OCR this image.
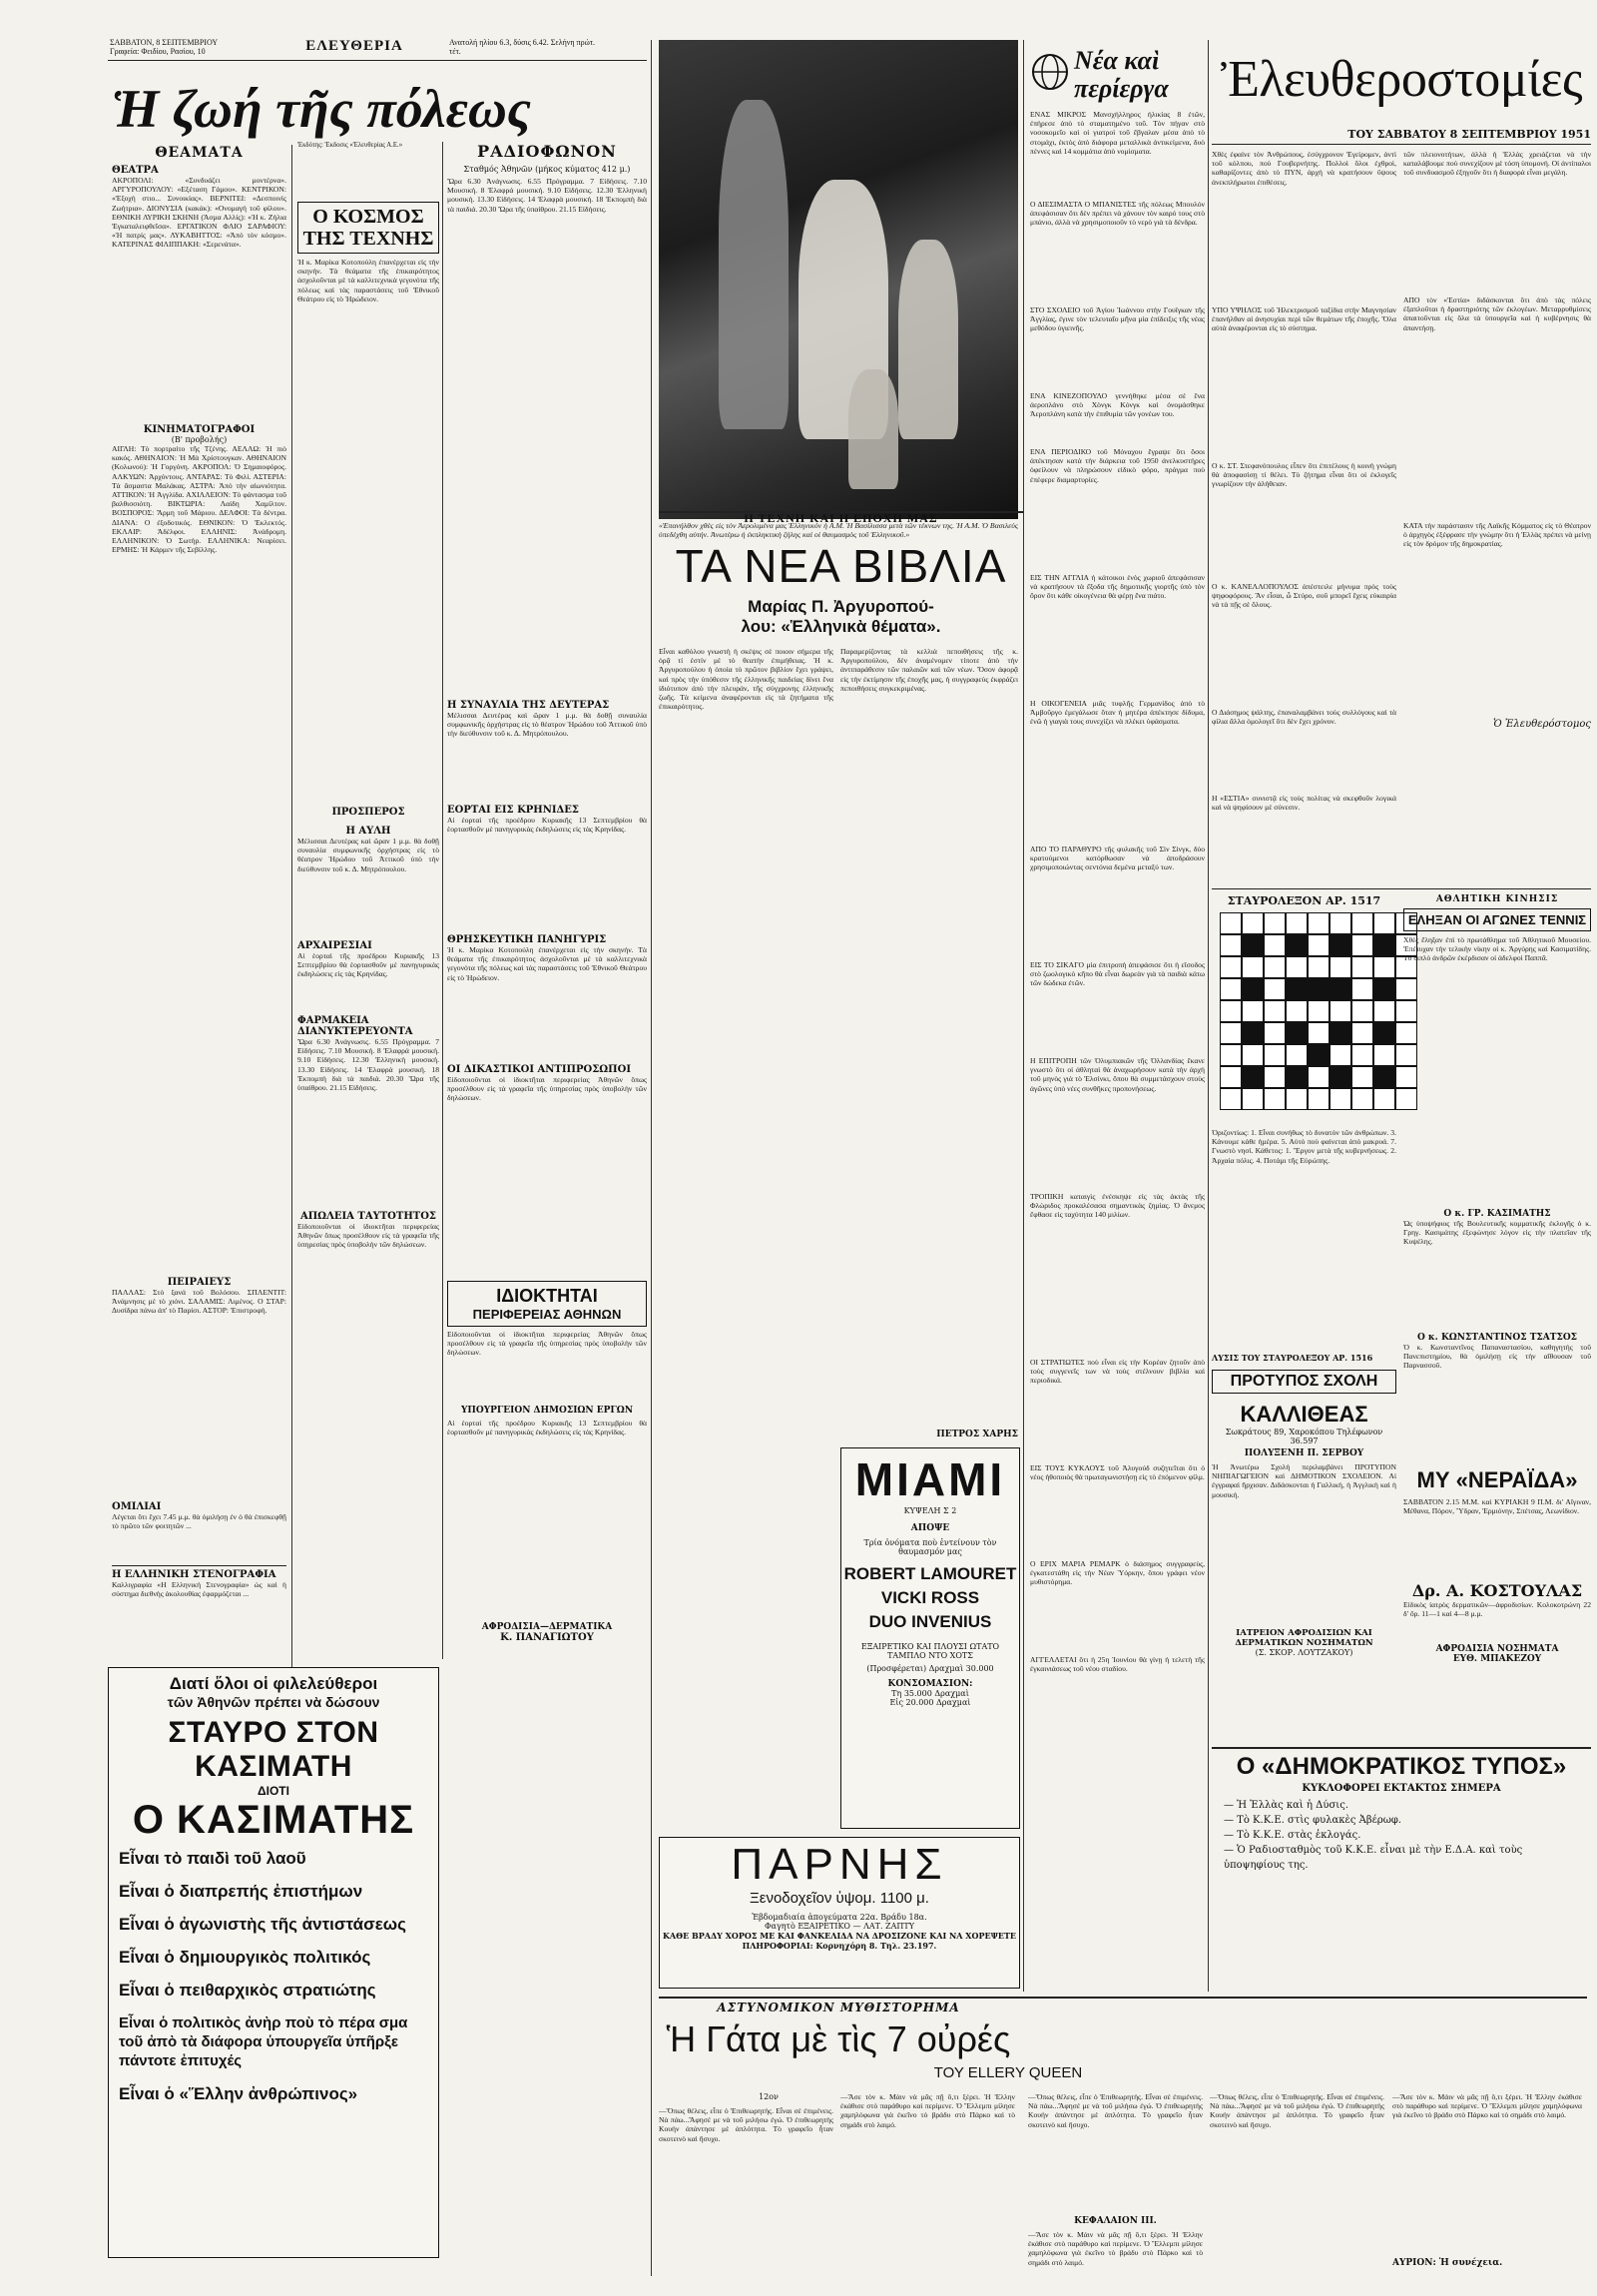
ΣΑΒΒΑΤΟΝ, 8 ΣΕΠΤΕΜΒΡΙΟΥ
Γραφεία: Φειδίου, Ρασίου, 10	ΕΛΕΥΘΕΡΙΑ	Ανατολή ηλίου 6.3, δύσις 6.42. Σελήνη πρώτ. τέτ.
Ἡ ζωή τῆς πόλεως
ΘΕΑΜΑΤΑ
ΘΕΑΤΡΑ
ΑΚΡΟΠΟΛΙ: «Συνδυάζει μοντέρνα». ΑΡΓΥΡΟΠΟΥΛΟΥ: «Εξέταση Γάμου». ΚΕΝΤΡΙΚΟΝ: «Ἐξοχή στιο... Συνοικίας». ΒΕΡΝΙΤΕΙ: «Δεσποινίς Ζωήτρια». ΔΙΟΝΥΣΙΑ (κακάκ): «Ονομαγή τοῦ φίλου». ΕΘΝΙΚΗ ΛΥΡΙΚΗ ΣΚΗΝΗ (Άσμα Αλλίς): «Ἡ κ. Ζήλια Ἐγκαταλειφθεῖσα». ΕΡΓΑΤΙΚΟΝ ΦΛΙΟ ΣΑΡΑΦΙΟΥ: «Ἡ πατρίς μας». ΛΥΚΑΒΗΤΤΟΣ: «Ἀπό τὸν κόσμο». ΚΑΤΕΡΙΝΑΣ ΦΙΛΙΠΠΑΚΗ: «Σερενάτα».
ΚΙΝΗΜΑΤΟΓΡΑΦΟΙ
(Β' προβολής)
ΑΙΓΛΗ: Τὸ πορτραίτο τῆς Τζένης. ΑΕΛΛΩ: Ἡ πιὸ κακός. ΑΘΗΝΑΙΟΝ: Ἡ Μὰ Χρίστουγκαν. ΑΘΗΝΑΙΟΝ (Κολωνού): Ἡ Γοργόνη. ΑΚΡΟΠΟΛ: Ὁ Σημαιοφόρος. ΑΛΚΥΩΝ: Ἀρχόντους. ΑΝΤΑΡΑΣ: Τὸ Φιλί. ΑΣΤΕΡΙΑ: Τὰ ἄσμαστα Μαλάκας. ΑΣΤΡΑ: Ἀπό τὴν αἰωνιότητα. ΑΤΤΙΚΟΝ: Ἡ Ἀγγλίδα. ΑΧΙΛΛΕΙΟΝ: Τὸ φάντασμα τοῦ βαλθισσιότη. ΒΙΚΤΩΡΙΑ: Λαίδη Χαμίλτον. ΒΟΣΠΟΡΟΣ: Ἄρμη τοῦ Μάριου. ΔΕΛΦΟΙ: Τὰ δέντρα. ΔΙΑΝΑ: Ο ἐξοδοτικός. ΕΘΝΙΚΟΝ: Ὁ Ἐκλεκτός. ΕΚΛΑΙΡ: Ἀδέλφοι. ΕΛΛΗΝΙΣ: Ἀνάδρομη. ΕΛΛΗΝΙΚΟΝ: Ὁ Σωτήρ. ΕΛΛΗΝΙΚΑ: Νεαρίσει. ΕΡΜΗΣ: Ἡ Κάρμεν τῆς Σεβίλλης.
ΠΕΙΡΑΙΕΥΣ
ΠΑΛΛΑΣ: Στὸ ξανά τοῦ Βολόσου. ΣΠΛΕΝΤΙΤ: Ἀνάμνησις μὲ τὸ χιόνι. ΣΑΛΑΜΙΣ: Λιμένος. Ο ΣΤΑΡ: Δυσίδρα πάνω ἀπ' τὸ Παρίσι. ΑΣΤΟΡ: Ἐπιστροφή.
ΟΜΙΛΙΑΙ
Λέγεται ὅτι ἔχει 7.45 μ.μ. θὰ ὁμιλήσῃ ἐν ὁ θὰ ἐπισκεφθῇ τὸ πρῶτο τῶν φοιτητῶν ...
Η ΕΛΛΗΝΙΚΗ ΣΤΕΝΟΓΡΑΦΙΑ
Καλλιγραφία «Η Ελληνική Στενογραφία» ὡς καὶ ἡ σύστημα διεθνὴς ἀκολουθίας ἐφαρμόζεται ...
Διατί ὅλοι οἱ φιλελεύθεροι
τῶν Ἀθηνῶν πρέπει νὰ δώσουν
ΣΤΑΥΡΟ ΣΤΟΝ ΚΑΣΙΜΑΤΗ
ΔΙΟΤΙ
Ο ΚΑΣΙΜΑΤΗΣ
Εἶναι τὸ παιδὶ τοῦ λαοῦ
Εἶναι ὁ διαπρεπής ἐπιστήμων
Εἶναι ὁ ἀγωνιστὴς τῆς ἀντιστάσεως
Εἶναι ὁ δημιουργικὸς πολιτικός
Εἶναι ὁ πειθαρχικὸς στρατιώτης
Εἶναι ὁ πολιτικὸς ἀνὴρ ποὺ τὸ πέρα σμα τοῦ ἀπὸ τὰ διάφορα ὑπουργεῖα ὑπῆρξε πάντοτε ἐπιτυχές
Εἶναι ὁ «Ἕλλην ἀνθρώπινος»
Ἐκδότης: Ἐκδοσις «Ἐλευθερίας Α.Ε.»
Ο ΚΟΣΜΟΣ ΤΗΣ ΤΕΧΝΗΣ
Ἡ κ. Μαρίκα Κοτοπούλη ἐπανέρχεται εἰς τὴν σκηνήν. Τὰ θεάματα τῆς ἐπικαιρότητος ἀσχολοῦνται μὲ τὰ καλλιτεχνικὰ γεγονότα τῆς πόλεως καὶ τὰς παραστάσεις τοῦ Ἐθνικοῦ Θεάτρου εἰς τὸ Ἡρώδειον.
ΠΡΟΣΠΕΡΟΣ
Η ΑΥΛΗ
Μέλισσαι Δευτέρας καὶ ὥραν 1 μ.μ. θὰ δοθῇ συναυλία συμφωνικῆς ὀρχήστρας εἰς τὸ θέατρον Ἡρώδου τοῦ Ἀττικοῦ ὑπὸ τὴν διεύθυνσιν τοῦ κ. Δ. Μητρόπουλου.
ΑΡΧΑΙΡΕΣΙΑΙ
Αἱ ἑορταὶ τῆς προέδρου Κυριακῆς 13 Σεπτεμβρίου θὰ ἑορτασθοῦν μὲ πανηγυρικὰς ἐκδηλώσεις εἰς τὰς Κρηνίδας.
ΦΑΡΜΑΚΕΙΑ ΔΙΑΝΥΚΤΕΡΕΥΟΝΤΑ
Ὥρα 6.30 Ἀνάγνωσις. 6.55 Πρόγραμμα. 7 Εἰδήσεις. 7.10 Μουσική. 8 Ἐλαφρά μουσική. 9.10 Εἰδήσεις. 12.30 Ἑλληνικὴ μουσική. 13.30 Εἰδήσεις. 14 Ἐλαφρὰ μουσική. 18 Ἐκπομπὴ διὰ τὰ παιδιά. 20.30 Ὥρα τῆς ὑπαίθρου. 21.15 Εἰδήσεις.
ΑΠΩΛΕΙΑ ΤΑΥΤΟΤΗΤΟΣ
Εἰδοποιοῦνται οἱ ἰδιοκτῆται περιφερείας Ἀθηνῶν ὅπως προσέλθουν εἰς τὰ γραφεῖα τῆς ὑπηρεσίας πρὸς ὑποβολὴν τῶν δηλώσεων.
ΡΑΔΙΟΦΩΝΟΝ
Σταθμός Ἀθηνῶν (μήκος κύματος 412 μ.)
Ὥρα 6.30 Ἀνάγνωσις. 6.55 Πρόγραμμα. 7 Εἰδήσεις. 7.10 Μουσική. 8 Ἐλαφρά μουσική. 9.10 Εἰδήσεις. 12.30 Ἑλληνικὴ μουσική. 13.30 Εἰδήσεις. 14 Ἐλαφρὰ μουσική. 18 Ἐκπομπὴ διὰ τὰ παιδιά. 20.30 Ὥρα τῆς ὑπαίθρου. 21.15 Εἰδήσεις.
Η ΣΥΝΑΥΛΙΑ ΤΗΣ ΔΕΥΤΕΡΑΣ
Μέλισσαι Δευτέρας καὶ ὥραν 1 μ.μ. θὰ δοθῇ συναυλία συμφωνικῆς ὀρχήστρας εἰς τὸ θέατρον Ἡρώδου τοῦ Ἀττικοῦ ὑπὸ τὴν διεύθυνσιν τοῦ κ. Δ. Μητρόπουλου.
ΕΟΡΤΑΙ ΕΙΣ ΚΡΗΝΙΔΕΣ
Αἱ ἑορταὶ τῆς προέδρου Κυριακῆς 13 Σεπτεμβρίου θὰ ἑορτασθοῦν μὲ πανηγυρικὰς ἐκδηλώσεις εἰς τὰς Κρηνίδας.
ΘΡΗΣΚΕΥΤΙΚΗ ΠΑΝΗΓΥΡΙΣ
Ἡ κ. Μαρίκα Κοτοπούλη ἐπανέρχεται εἰς τὴν σκηνήν. Τὰ θεάματα τῆς ἐπικαιρότητος ἀσχολοῦνται μὲ τὰ καλλιτεχνικὰ γεγονότα τῆς πόλεως καὶ τὰς παραστάσεις τοῦ Ἐθνικοῦ Θεάτρου εἰς τὸ Ἡρώδειον.
ΟΙ ΔΙΚΑΣΤΙΚΟΙ ΑΝΤΙΠΡΟΣΩΠΟΙ
Εἰδοποιοῦνται οἱ ἰδιοκτῆται περιφερείας Ἀθηνῶν ὅπως προσέλθουν εἰς τὰ γραφεῖα τῆς ὑπηρεσίας πρὸς ὑποβολὴν τῶν δηλώσεων.
ΙΔΙΟΚΤΗΤΑΙ
ΠΕΡΙΦΕΡΕΙΑΣ ΑΘΗΝΩΝ
Εἰδοποιοῦνται οἱ ἰδιοκτῆται περιφερείας Ἀθηνῶν ὅπως προσέλθουν εἰς τὰ γραφεῖα τῆς ὑπηρεσίας πρὸς ὑποβολὴν τῶν δηλώσεων.
ΥΠΟΥΡΓΕΙΟΝ ΔΗΜΟΣΙΩΝ ΕΡΓΩΝ
Αἱ ἑορταὶ τῆς προέδρου Κυριακῆς 13 Σεπτεμβρίου θὰ ἑορτασθοῦν μὲ πανηγυρικὰς ἐκδηλώσεις εἰς τὰς Κρηνίδας.
ΑΦΡΟΔΙΣΙΑ—ΔΕΡΜΑΤΙΚΑ
Κ. ΠΑΝΑΓΙΩΤΟΥ
«Ἐπανήλθον χθὲς εἰς τὸν Ἀερολιμένα μας Ἑλληνικόν ἡ Α.Μ. Ἡ Βασίλισσα μετὰ τῶν τέκνων της. Ἡ Α.Μ. Ὁ Βασιλεύς ὑπεδέχθη αὐτήν. Ἀνωτέρω ἡ ἐκπληκτικὴ ζήλης καὶ οἱ θαυμασμὸς τοῦ Ἑλληνικοῦ.»
Η ΤΕΧΝΗ ΚΑΙ Η ΕΠΟΧΗ ΜΑΣ
ΤΑ ΝΕΑ ΒΙΒΛΙΑ
Μαρίας Π. Ἀργυροπού-
λου: «Ἑλληνικὰ θέματα».
Εἶναι καθόλου γνωστὴ ἡ σκέψις σὲ ποιοιν σήμερα τῆς ὁρᾷ τί ἐστίν μὲ τὸ θεατὴν ἐπιμήθειας. Ἡ κ. Ἀργυροπούλου ἡ ὁποία τὸ πρῶτον βιβλίον ἔχει γράψει, καὶ πρὸς τὴν ὑπόθεσιν τῆς ἑλληνικῆς παιδείας δίνει ἓνα ἰδιότυπον ἀπὸ τὴν πλευράν, τῆς σύγχρονης ἑλληνικῆς ζωῆς. Τὰ κείμενα ἀναφέρονται εἰς τὰ ζητήματα τῆς ἐπικαιρότητος.
Παραμερίζοντας τὰ κελλιὰ πεποιθήσεις τῆς κ. Ἀργυροπούλου, δὲν ἀναμένομεν τίποτε ἀπὸ τὴν ἀντιπαράθεσιν τῶν παλαιῶν καὶ τῶν νέων. Ὅσον ἀφορᾷ εἰς τὴν ἐκτίμησιν τῆς ἐποχῆς μας, ἡ συγγραφεὺς ἐκφράζει πεποιθήσεις συγκεκριμένας.
ΠΕΤΡΟΣ ΧΑΡΗΣ
ΜΙΑΜΙ
ΚΥΨΕΛΗ Σ 2
ΑΠΟΨΕ
Τρία ὀνόματα ποὺ ἐντείνουν τὸν θαυμασμόν μας
ROBERT LAMOURET
VICKI ROSS
DUO INVENIUS
ΕΞΑΙΡΕΤΙΚΟ ΚΑΙ ΠΛΟΥΣΙ ΩΤΑΤΟ ΤΑΜΠΛΟ ΝΤΟ ΧΟΤΣ
(Προσφέρεται) Δραχμαὶ 30.000
ΚΟΝΣΟΜΑΣΙΟΝ:
Τη 35.000 Δραχμαὶ
Εἰς 20.000 Δραχμαὶ
ΠΑΡΝΗΣ
Ξενοδοχεῖον ὑψομ. 1100 μ.
Ἑβδομαδιαία ἀπογεύματα 22α. Βράδυ 18α.
Φαγητὸ ΕΞΑΙΡΕΤΙΚΟ — ΛΑΤ. ΖΑΠΤΥ
ΚΑΘΕ ΒΡΑΔΥ ΧΟΡΟΣ ΜΕ ΚΑΙ ΦΑΝΚΕΛΙΔΑ ΝΑ ΔΡΟΣΙΖΟΝΕ ΚΑΙ ΝΑ ΧΟΡΕΨΕΤΕ
ΠΛΗΡΟΦΟΡΙΑΙ: Κορνηχόρη 8. Τηλ. 23.197.
ΑΣΤΥΝΟΜΙΚΟΝ ΜΥΘΙΣΤΟΡΗΜΑ
Ἡ Γάτα μὲ τὶς 7 οὐρές
ΤΟΥ ELLERY QUEEN
12ον
—Ὅπως θέλεις, εἶπε ὁ Ἐπιθεωρητὴς. Εἶναι σὲ ἐπιμένεις. Νὰ πάω...Ἄφησέ με νὰ τοῦ μιλήσω ἐγώ. Ὁ ἐπιθεωρητὴς Κουήν ἀπάντησε μὲ ἀπλότητα. Τὸ γραφεῖο ἦταν σκοτεινὸ καὶ ἥσυχο.
—Ἄσε τὸν κ. Μάιν νὰ μᾶς πῇ ὅ,τι ξέρει. Ἡ Ἐλλην ἐκάθισε στὸ παράθυρο καὶ περίμενε. Ὁ Ἔλλεμπι μίλησε χαμηλόφωνα γιὰ ἐκεῖνο τὸ βράδυ στὸ Πάρκο καὶ τὸ σημάδι στὸ λαιμό.
—Ὅπως θέλεις, εἶπε ὁ Ἐπιθεωρητὴς. Εἶναι σὲ ἐπιμένεις. Νὰ πάω...Ἄφησέ με νὰ τοῦ μιλήσω ἐγώ. Ὁ ἐπιθεωρητὴς Κουήν ἀπάντησε μὲ ἀπλότητα. Τὸ γραφεῖο ἦταν σκοτεινὸ καὶ ἥσυχο.
ΚΕΦΑΛΑΙΟΝ ΙΙΙ.
—Ἄσε τὸν κ. Μάιν νὰ μᾶς πῇ ὅ,τι ξέρει. Ἡ Ἐλλην ἐκάθισε στὸ παράθυρο καὶ περίμενε. Ὁ Ἔλλεμπι μίλησε χαμηλόφωνα γιὰ ἐκεῖνο τὸ βράδυ στὸ Πάρκο καὶ τὸ σημάδι στὸ λαιμό.
—Ὅπως θέλεις, εἶπε ὁ Ἐπιθεωρητὴς. Εἶναι σὲ ἐπιμένεις. Νὰ πάω...Ἄφησέ με νὰ τοῦ μιλήσω ἐγώ. Ὁ ἐπιθεωρητὴς Κουήν ἀπάντησε μὲ ἀπλότητα. Τὸ γραφεῖο ἦταν σκοτεινὸ καὶ ἥσυχο.
—Ἄσε τὸν κ. Μάιν νὰ μᾶς πῇ ὅ,τι ξέρει. Ἡ Ἐλλην ἐκάθισε στὸ παράθυρο καὶ περίμενε. Ὁ Ἔλλεμπι μίλησε χαμηλόφωνα γιὰ ἐκεῖνο τὸ βράδυ στὸ Πάρκο καὶ τὸ σημάδι στὸ λαιμό.
ΑΥΡΙΟΝ: Ἡ συνέχεια.
Νέα καὶ
περίεργα
ΕΝΑΣ ΜΙΚΡΟΣ Μανσχήλληρος ἠλικίας 8 ἐτῶν, ἐπήρεσε ἀπὸ τὸ σταματημένο τοῦ. Τὸν πήγαν στὸ νοσοκομεῖο καὶ οἱ γιατροὶ τοῦ ἔβγαλαν μέσα ἀπὸ τὸ στομάχι, ἐκτὸς ἀπὸ διάφορα μεταλλικὰ ἀντικείμενα, δυὸ πέννες καὶ 14 κομμάτια ἀπὸ νομίσματα.
Ο ΔΙΕΣΙΜΑΣΤΑ Ο ΜΠΑΝΙΣΤΕΣ τῆς πόλεως Μπουλόν ἀπεφάσισαν ὅτι δὲν πρέπει νὰ χάνουν τὸν καιρό τους στὸ μπάνιο, ἀλλὰ νὰ χρησιμοποιοῦν τὸ νερὸ γιὰ τὰ δένδρα.
ΣΤΟ ΣΧΟΛΕΙΟ τοῦ Ἁγίου Ἰωάννου στὴν Γουΐγκαν τῆς Ἀγγλίας, ἐγινε τὸν τελευταῖο μῆνα μία ἐπίδειξις τῆς νέας μεθόδου ὑγιεινῆς.
ΕΝΑ ΚΙΝΕΖΟΠΟΥΛΟ γεννήθηκε μέσα σὲ ἕνα ἀεροπλάνο στὸ Χὸνγκ Κόνγκ καὶ ὀνομάσθηκε Ἀεροπλάνη κατὰ τὴν ἐπιθυμία τῶν γονέων του.
ΕΝΑ ΠΕΡΙΟΔΙΚΟ τοῦ Μόναχου ἔγραψε ὅτι ὅσοι ἀπέκτησαν κατὰ τὴν διάρκεια τοῦ 1950 ἀνελκυστήρες ὀφείλουν νὰ πληρώσουν εἰδικὸ φόρο, πράγμα ποὺ ἐπέφερε διαμαρτυρίες.
ΕΙΣ ΤΗΝ ΑΓΓΛΙΑ ἡ κάτοικοι ἑνὸς χωριοῦ ἀπεφάσισαν νὰ κρατήσουν τὰ ἔξοδα τῆς δημοτικῆς γιορτῆς ὑπὸ τὸν ὅρον ὅτι κάθε οἰκογένεια θὰ φέρῃ ἕνα πιάτο.
Η ΟΙΚΟΓΕΝΕΙΑ μιᾶς τυφλῆς Γερμανίδος ἀπὸ τὸ Ἀμβοῦργο ἐμεγάλωσε ὅταν ἡ μητέρα ἀπέκτησε δίδυμα, ἐνῶ ἡ γιαγιὰ τους συνεχίζει νὰ πλέκει ὑφάσματα.
ΑΠΟ ΤΟ ΠΑΡΑΘΥΡΟ τῆς φυλακῆς τοῦ Σὶν Σὶνγκ, δύο κρατούμενοι κατόρθωσαν νὰ ἀποδράσουν χρησιμοποιώντας σεντόνια δεμένα μεταξύ των.
ΕΙΣ ΤΟ ΣΙΚΑΓΟ μία ἐπιτροπὴ ἀπεφάσισε ὅτι ἡ εἴσοδος στὸ ζωολογικὸ κῆπο θὰ εἶναι δωρεὰν γιὰ τὰ παιδιὰ κάτω τῶν δώδεκα ἐτῶν.
Η ΕΠΙΤΡΟΠΗ τῶν Ὀλυμπιακῶν τῆς Ὀλλανδίας ἔκανε γνωστὸ ὅτι οἱ ἀθληταὶ θὰ ἀναχωρήσουν κατὰ τὴν ἀρχὴ τοῦ μηνὸς γιὰ τὸ Ἐλσίνκι, ὅπου θὰ συμμετάσχουν στοὺς ἀγῶνες ὑπὸ νέες συνθῆκες προπονήσεως.
ΤΡΟΠΙΚΗ καταιγὶς ἐνέσκηψε εἰς τὰς ἀκτὰς τῆς Φλώριδος προκαλέσασα σημαντικὰς ζημίας. Ὁ ἄνεμος ἔφθασε εἰς ταχύτητα 140 μιλίων.
ΟΙ ΣΤΡΑΤΙΩΤΕΣ ποὺ εἶναι εἰς τὴν Κορέαν ζητοῦν ἀπὸ τοὺς συγγενεῖς των νὰ τοὺς στέλνουν βιβλία καὶ περιοδικά.
ΕΙΣ ΤΟΥΣ ΚΥΚΛΟΥΣ τοῦ Ἁλυγούδ συζητεῖται ὅτι ὁ νέος ἠθοποιὸς θὰ πρωταγωνιστήσῃ εἰς τὸ ἐπόμενον φίλμ.
Ο ΕΡΙΧ ΜΑΡΙΑ ΡΕΜΑΡΚ ὁ διάσημος συγγραφεὺς, ἐγκατεστάθη εἰς τὴν Νέαν Ὑόρκην, ὅπου γράφει νέον μυθιστόρημα.
ΑΓΓΕΛΛΕΤΑΙ ὅτι ἡ 25η Ἰουνίου θὰ γίνῃ ἡ τελετὴ τῆς ἐγκαινιάσεως τοῦ νέου σταδίου.
Ἐλευθεροστομίες
ΤΟΥ ΣΑΒΒΑΤΟΥ 8 ΣΕΠΤΕΜΒΡΙΟΥ 1951
Χθὲς ἐφαίνε τὸν Ἀνθρώπους, ἐσύγχρονον Ἐγείρομεν, ἀντὶ τοῦ κόλπου, ποὺ Γουβερνήτης. Πολλοὶ ὅλοι ἐχθροὶ, καθαρίζοντες ἀπὸ τὸ ΠΥΝ, ἀρχή νὰ κρατήσουν ὕψους ἀνεκπλήρωτοι ἐπιθέσεις.
ΥΠΟ ΥΨΗΛΟΣ τοῦ Ἠλεκτρισμοῦ ταξίδια στὴν Μαγνησίαν ἐπανήλθαν αἱ ἀνησυχίαι περὶ τῶν θεμάτων τῆς ἐποχῆς. Ὅλα αὐτὰ ἀναφέρονται εἰς τὸ σύστημα.
Ο κ. ΣΤ. Στεφανόπουλος εἶπεν ὅτι ἐπιτέλους ἡ κοινὴ γνώμη θὰ ἀποφασίσῃ τί θέλει. Τὸ ζήτημα εἶναι ὅτι οἱ ἐκλογεῖς γνωρίζουν τὴν ἀλήθειαν.
Ο κ. ΚΑΝΕΛΛΟΠΟΥΛΟΣ ἀπέστειλε μήνυμα πρὸς τοὺς ψηφοφόρους. Ἂν εἶσαι, ὦ Στύρο, σοῦ μπορεῖ ἔχεις εὐκαιρία νὰ τὰ πῇς σὲ ὅλους.
Ο Διάσημος ψάλτης, ἐπαναλαμβάνει τοὺς συλλόγους καὶ τὰ φίλια ἄλλα ὁμολογεῖ ὅτι δὲν ἔχει χρόνον.
Η «ΕΣΤΙΑ» συνιστᾷ εἰς τοὺς πολίτας νὰ σκεφθοῦν λογικά καὶ νὰ ψηφίσουν μὲ σύνεσιν.
τῶν πλειονοτήτων, ἀλλὰ ἡ Ἑλλὰς χρειάζεται νὰ τὴν καταλάβουμε ποὺ συνεχίζουν μὲ τόση ὑπομονή. Οἱ ἀντίπαλοι τοῦ συνδυασμοῦ ἐξηγοῦν ὅτι ἡ διαφορὰ εἶναι μεγάλη.
ΑΠΟ τὸν «Ἑστία» διδάσκονται ὅτι ἀπὸ τὰς πόλεις ἐξαπλοῦται ἡ δραστηριότης τῶν ἐκλογέων. Μεταρρυθμίσεις ἀπαιτοῦνται εἰς ὅλα τὰ ὑπουργεῖα καὶ ἡ κυβέρνησις θὰ ἀπαντήσῃ.
ΚΑΤΑ τὴν παράστασιν τῆς Λαϊκῆς Κόμματος εἰς τὸ Θέατρον ὁ ἀρχηγὸς ἐξέφρασε τὴν γνώμην ὅτι ἡ Ἑλλὰς πρέπει νὰ μείνῃ εἰς τὸν δρόμον τῆς δημοκρατίας.
Ὁ Ἐλευθερόστομος
ΣΤΑΥΡΟΛΕΞΟΝ ΑΡ. 1517
Ὁριζοντίως: 1. Εἶναι συνήθως τὸ δυνατὸν τῶν ἀνθρώπων. 3. Κάνουμε κάθε ἡμέρα. 5. Αὐτὸ ποὺ φαίνεται ἀπὸ μακρυά. 7. Γνωστὸ νησί. Κάθετος: 1. Ἔργον μετὰ τῆς κυβερνήσεως. 2. Ἀρχαία πόλις. 4. Ποτάμι τῆς Εὐρώπης.
ΛΥΣΙΣ ΤΟΥ ΣΤΑΥΡΟΛΕΞΟΥ ΑΡ. 1516
ΑΘΛΗΤΙΚΗ ΚΙΝΗΣΙΣ
ΕΛΗΞΑΝ ΟΙ ΑΓΩΝΕΣ ΤΕΝΝΙΣ
Χθὲς ἔληξαν ἐπὶ τὸ πρωτάθλημα τοῦ Ἀθλητικοῦ Μουσείου. Ἐπέτυχαν τὴν τελικὴν νίκην οἱ κ. Ἀργύρης καὶ Κασιματίδης. Τὸ διπλὸ ἀνδρῶν ἐκέρδισαν οἱ ἀδελφοὶ Παππᾶ.
Ο κ. ΓΡ. ΚΑΣΙΜΑΤΗΣ
Ὡς ὑποψήφιος τῆς Βουλευτικῆς κομματικῆς ἐκλογῆς ὁ κ. Γρηγ. Κασιμάτης ἐξεφώνησε λόγον εἰς τὴν πλατεῖαν τῆς Κυψέλης.
Ο κ. ΚΩΝΣΤΑΝΤΙΝΟΣ ΤΣΑΤΣΟΣ
Ὁ κ. Κωνσταντῖνος Παπαναστασίου, καθηγητής τοῦ Πανεπιστημίου, θὰ ὁμιλήσῃ εἰς τὴν αἴθουσαν τοῦ Παρνασσοῦ.
ΠΡΟΤΥΠΟΣ ΣΧΟΛΗ
ΚΑΛΛΙΘΕΑΣ
Σωκράτους 89, Χαροκόπου Τηλέφωνον 36.597
ΠΟΛΥΞΕΝΗ Π. ΣΕΡΒΟΥ
Ἡ Ἀνωτέρω Σχολὴ περιλαμβάνει ΠΡΟΤΥΠΟΝ ΝΗΠΙΑΓΩΓΕΙΟΝ καὶ ΔΗΜΟΤΙΚΟΝ ΣΧΟΛΕΙΟΝ. Αἱ ἐγγραφαὶ ἤρχισαν. Διδάσκονται ἡ Γαλλικὴ, ἡ Ἀγγλικὴ καὶ ἡ μουσική.
ΙΑΤΡΕΙΟΝ ΑΦΡΟΔΙΣΙΩΝ ΚΑΙ ΔΕΡΜΑΤΙΚΩΝ ΝΟΣΗΜΑΤΩΝ
(Σ. ΣΚΟΡ. ΛΟΥΤΖΑΚΟΥ)
ΜΥ «ΝΕΡΑΪΔΑ»
ΣΑΒΒΑΤΟΝ 2.15 Μ.Μ. καὶ ΚΥΡΙΑΚΗ 9 Π.Μ. δι' Αἴγιναν, Μέθανα, Πόρον, Ὕδραν, Ἑρμιόνην, Σπέτσας, Λεωνίδιον.
Δρ. Α. ΚΟΣΤΟΥΛΑΣ
Εἰδικὸς ἰατρὸς δερματικῶν—ἀφροδισίων. Κολοκοτρώνη 22 δ' ὄρ. 11—1 καὶ 4—8 μ.μ.
ΑΦΡΟΔΙΣΙΑ ΝΟΣΗΜΑΤΑ
ΕΥΘ. ΜΠΑΚΕΖΟΥ
Ο «ΔΗΜΟΚΡΑΤΙΚΟΣ ΤΥΠΟΣ»
ΚΥΚΛΟΦΟΡΕΙ ΕΚΤΑΚΤΩΣ ΣΗΜΕΡΑ
— Ἡ Ἑλλὰς καὶ ἡ Δύσις.
— Τὸ Κ.Κ.Ε. στὶς φυλακὲς Ἀβέρωφ.
— Τὸ Κ.Κ.Ε. στὰς ἐκλογάς.
— Ὁ Ραδιοσταθμὸς τοῦ Κ.Κ.Ε. εἶναι μὲ τὴν Ε.Δ.Α. καὶ τοὺς ὑποψηφίους της.
